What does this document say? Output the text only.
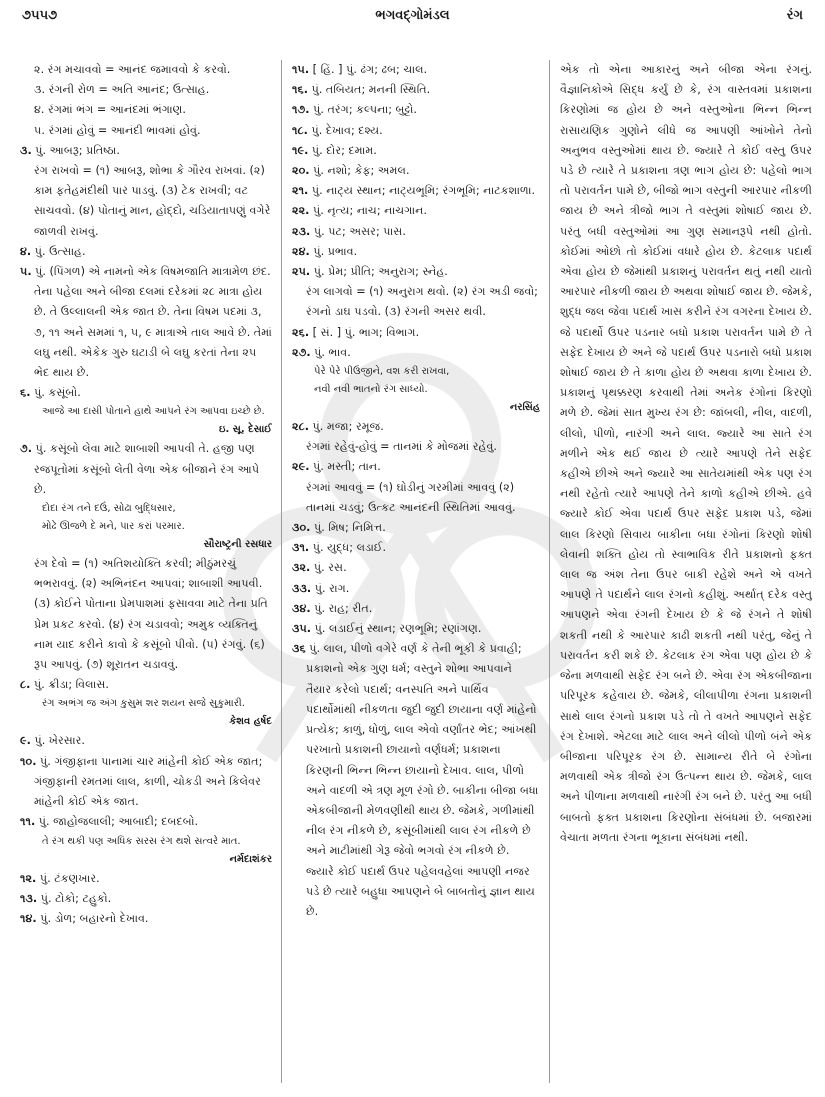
૭૫૫૭	ભગવદ્ગોમંડલ	રંગ
૨. રંગ મચાવવો = આનંદ જમાવવો કે કરવો.
૩. રંગની રોળ = અતિ આનંદ; ઉત્સાહ.
૪. રંગમાં ભંગ = આનંદમાં ભંગાણ.
૫. રંગમાં હોવું = આનંદી ભાવમાં હોવું.

૩. પું. આબરૂ; પ્રતિષ્ઠા.

રંગ રાખવો = (૧) આબરૂ, શોભા કે ગૌરવ રાખવાં. (૨) કામ ફતેહમંદીથી પાર પાડવું. (૩) ટેક રાખવી; વટ સાચવવો. (૪) પોતાનું માન, હોદ્દો, ચડિયાતાપણું વગેરે જાળવી રાખવું.

૪. પું. ઉત્સાહ.

૫. પું. (પિંગળ) એ નામનો એક વિષમજાતિ માત્રામેળ છંદ. તેના પહેલા અને બીજા દલમાં દરેકમાં ૨૮ માત્રા હોય છે. તે ઉલ્લાલની એક જાત છે. તેના વિષમ પદમાં ૩, ૭, ૧૧ અને સમમાં ૧, ૫, ૯ માત્રાએ તાલ આવે છે. તેમાં લઘુ નથી. એકેક ગુરુ ઘટાડી બે લઘુ કરતાં તેના ૨૫ ભેદ થાય છે.

૬. પું. કસૂંબો.

આજે આ દાસી પોતાને હાથે આપને રંગ આપવા ઇચ્છે છે.
ઇ. સૂ. દેસાઈ

૭. પું. કસૂંબો લેવા માટે શાબાશી આપવી તે. હજી પણ રજપૂતોમાં કસૂંબો લેતી વેળા એક બીજાને રંગ આપે છે.

દોદા રંગ તને દઉં, સોઢા બુદ્ધિસાર,
મોઢે ઊજળે દે મને, પાર કરાં પરમાર.
સૌરાષ્ટ્રની રસધાર
રંગ દેવો = (૧) અતિશયોક્તિ કરવી; મીઠુંમરચું ભભરાવવું. (૨) અભિનંદન આપવાં; શાબાશી આપવી. (૩) કોઈને પોતાના પ્રેમપાશમાં ફસાવવા માટે તેના પ્રતિ પ્રેમ પ્રકટ કરવો. (૪) રંગ ચડાવવો; અમુક વ્યક્તિનું નામ યાદ કરીને કાવો કે કસૂંબો પીવો. (૫) રંગવું. (૬) રૂપ આપવું. (૭) શૂરાતન ચડાવવું.

૮. પું. ક્રીડા; વિલાસ.

રંગ અભંગ જ અંગ કુસુમ શર શયન સજે સુકુમારી.
કેશવ હર્ષદ

૯. પું. ખેરસાર.

૧૦. પું. ગંજીફાના પાનામાં ચાર માંહેની કોઈ એક જાત; ગંજીફાની રમતમાં લાલ, કાળી, ચોકડી અને કિલેવર માંહેની કોઈ એક જાત.

૧૧. પું. જાહોજલાલી; આબાદી; દબદબો.

તે રંગ થકી પણ અધિક સરસ રંગ થશે સત્વરે માત.
નર્મદાશંકર

૧૨. પું. ટંકણખાર.

૧૩. પું. ટોકો; ટહુકો.

૧૪. પું. ડોળ; બહારનો દેખાવ.

૧૫. [ હિં. ] પું. ઢંગ; ઢબ; ચાલ.

૧૬. પું. તબિયત; મનની સ્થિતિ.

૧૭. પું. તરંગ; કલ્પના; બુટ્ટો.

૧૮. પું. દેખાવ; દશ્ય.

૧૯. પું. દોર; દમામ.

૨૦. પું. નશો; કેફ; અમલ.

૨૧. પું. નાટ્ય સ્થાન; નાટ્યભૂમિ; રંગભૂમિ; નાટકશાળા.

૨૨. પું. નૃત્ય; નાચ; નાચગાન.

૨૩. પું. પટ; અસર; પાસ.

૨૪. પું. પ્રભાવ.

૨૫. પું. પ્રેમ; પ્રીતિ; અનુરાગ; સ્નેહ.

રંગ લાગવો = (૧) અનુરાગ થવો. (૨) રંગ અડી જવો; રંગનો ડાઘ પડવો. (૩) રંગની અસર થવી.

૨૬. [ સં. ] પું. ભાગ; વિભાગ.

૨૭. પું. ભાવ.

પેરે પેરે પીઉજીને, વશ કરી રાખવા,
નવી નવી ભાતનો રંગ સાધ્યો.
નરસિંહ

૨૮. પું. મજા; રમૂજ.

રંગમાં રહેવું-હોવું = તાનમાં કે મોજમાં રહેવું.

૨૯. પું. મસ્તી; તાન.

રંગમાં આવવું = (૧) ઘોડીનું ગરમીમાં આવવું (૨) તાનમાં ચડવું; ઉત્કટ આનંદની સ્થિતિમાં આવવું.

૩૦. પું. મિષ; નિમિત્ત.

૩૧. પું. યુદ્ધ; લડાઈ.

૩૨. પું. રસ.

૩૩. પું. રાગ.

૩૪. પું. રાહ; રીત.

૩૫. પું. લડાઈનું સ્થાન; રણભૂમિ; રણાંગણ.

૩૬ પું. લાલ, પીળો વગેરે વર્ણ કે તેની ભૂકી કે પ્રવાહી; પ્રકાશનો એક ગુણ ધર્મ; વસ્તુને શોભા આપવાને તૈયાર કરેલો પદાર્થ; વનસ્પતિ અને પાર્થિવ પદાર્થોમાંથી નીકળતા જુદી જુદી છાયાના વર્ણ માંહેનો પ્રત્યેક; કાળું, ધોળું, લાલ એવો વર્ણાંતર ભેદ; આંખથી પરખાતો પ્રકાશની છાયાનો વર્ણધર્મ; પ્રકાશના કિરણની ભિન્ન ભિન્ન છાયાનો દેખાવ. લાલ, પીળો અને વાદળી એ ત્રણ મૂળ રંગો છે. બાકીના બીજા બધા એકબીજાની મેળવણીથી થાય છે. જેમકે, ગળીમાંથી નીલ રંગ નીકળે છે, કસૂંબીમાંથી લાલ રંગ નીકળે છે અને માટીમાંથી ગેરૂ જેવો ભગવો રંગ નીકળે છે. જ્યારે કોઈ પદાર્થ ઉપર પહેલવહેલાં આપણી નજર પડે છે ત્યારે બહુધા આપણને બે બાબતોનું જ્ઞાન થાય છે.

એક તો એના આકારનું અને બીજા એના રંગનું. વૈજ્ઞાનિકોએ સિદ્ધ કર્યું છે કે, રંગ વાસ્તવમાં પ્રકાશના કિરણોમાં જ હોય છે અને વસ્તુઓના ભિન્ન ભિન્ન રાસાયણિક ગુણોને લીધે જ આપણી આંખોને તેનો અનુભવ વસ્તુઓમાં થાય છે. જ્યારે તે કોઈ વસ્તુ ઉપર પડે છે ત્યારે તે પ્રકાશના ત્રણ ભાગ હોય છે: પહેલો ભાગ તો પરાવર્તન પામે છે, બીજો ભાગ વસ્તુની આરપાર નીકળી જાય છે અને ત્રીજો ભાગ તે વસ્તુમાં શોષાઈ જાય છે. પરંતુ બધી વસ્તુઓમાં આ ગુણ સમાનરૂપે નથી હોતો. કોઈમાં ઓછો તો કોઈમાં વધારે હોય છે. કેટલાક પદાર્થ એવા હોય છે જેમાંથી પ્રકાશનું પરાવર્તન થતું નથી યાતો આરપાર નીકળી જાય છે અથવા શોષાઈ જાય છે. જેમકે, શુદ્ધ જલ જેવા પદાર્થ ખાસ કરીને રંગ વગરના દેખાય છે. જે પદાર્થો ઉપર પડનાર બધો પ્રકાશ પરાવર્તન પામે છે તે સફેદ દેખાય છે અને જે પદાર્થ ઉપર પડનારો બધો પ્રકાશ શોષાઈ જાય છે તે કાળા હોય છે અથવા કાળા દેખાય છે. પ્રકાશનું પૃથક્કરણ કરવાથી તેમાં અનેક રંગોનાં કિરણો મળે છે. જેમાં સાત મુખ્ય રંગ છે: જાંબલી, નીલ, વાદળી, લીલો, પીળો, નારંગી અને લાલ. જ્યારે આ સાતે રંગ મળીને એક થઈ જાય છે ત્યારે આપણે તેને સફેદ કહીએ છીએ અને જ્યારે આ સાતેયમાંથી એક પણ રંગ નથી રહેતો ત્યારે આપણે તેને કાળો કહીએ છીએ. હવે જ્યારે કોઈ એવા પદાર્થ ઉપર સફેદ પ્રકાશ પડે, જેમાં લાલ કિરણો સિવાય બાકીના બધા રંગોનાં કિરણો શોષી લેવાની શક્તિ હોય તો સ્વાભાવિક રીતે પ્રકાશનો ફક્ત લાલ જ અંશ તેના ઉપર બાકી રહેશે અને એ વખતે આપણે તે પદાર્થને લાલ રંગનો કહીશું. અર્થાત્ દરેક વસ્તુ આપણને એવા રંગની દેખાય છે કે જે રંગને તે શોષી શકતી નથી કે આરપાર કાઢી શકતી નથી પરંતુ, જેનું તે પરાવર્તન કરી શકે છે. કેટલાક રંગ એવા પણ હોય છે કે જેના મળવાથી સફેદ રંગ બને છે. એવા રંગ એકબીજાના પરિપૂરક કહેવાય છે. જેમકે, લીલાપીળા રંગના પ્રકાશની સાથે લાલ રંગનો પ્રકાશ પડે તો તે વખતે આપણને સફેદ રંગ દેખાશે. એટલા માટે લાલ અને લીલો પીળો બંને એક બીજાના પરિપૂરક રંગ છે. સામાન્ય રીતે બે રંગોના મળવાથી એક ત્રીજો રંગ ઉત્પન્ન થાય છે. જેમકે, લાલ અને પીળાના મળવાથી નારંગી રંગ બને છે. પરંતુ આ બધી બાબતો ફક્ત પ્રકાશના કિરણોના સંબંધમાં છે. બજારમાં વેચાતા મળતા રંગના ભૂકાના સંબંધમાં નથી.
